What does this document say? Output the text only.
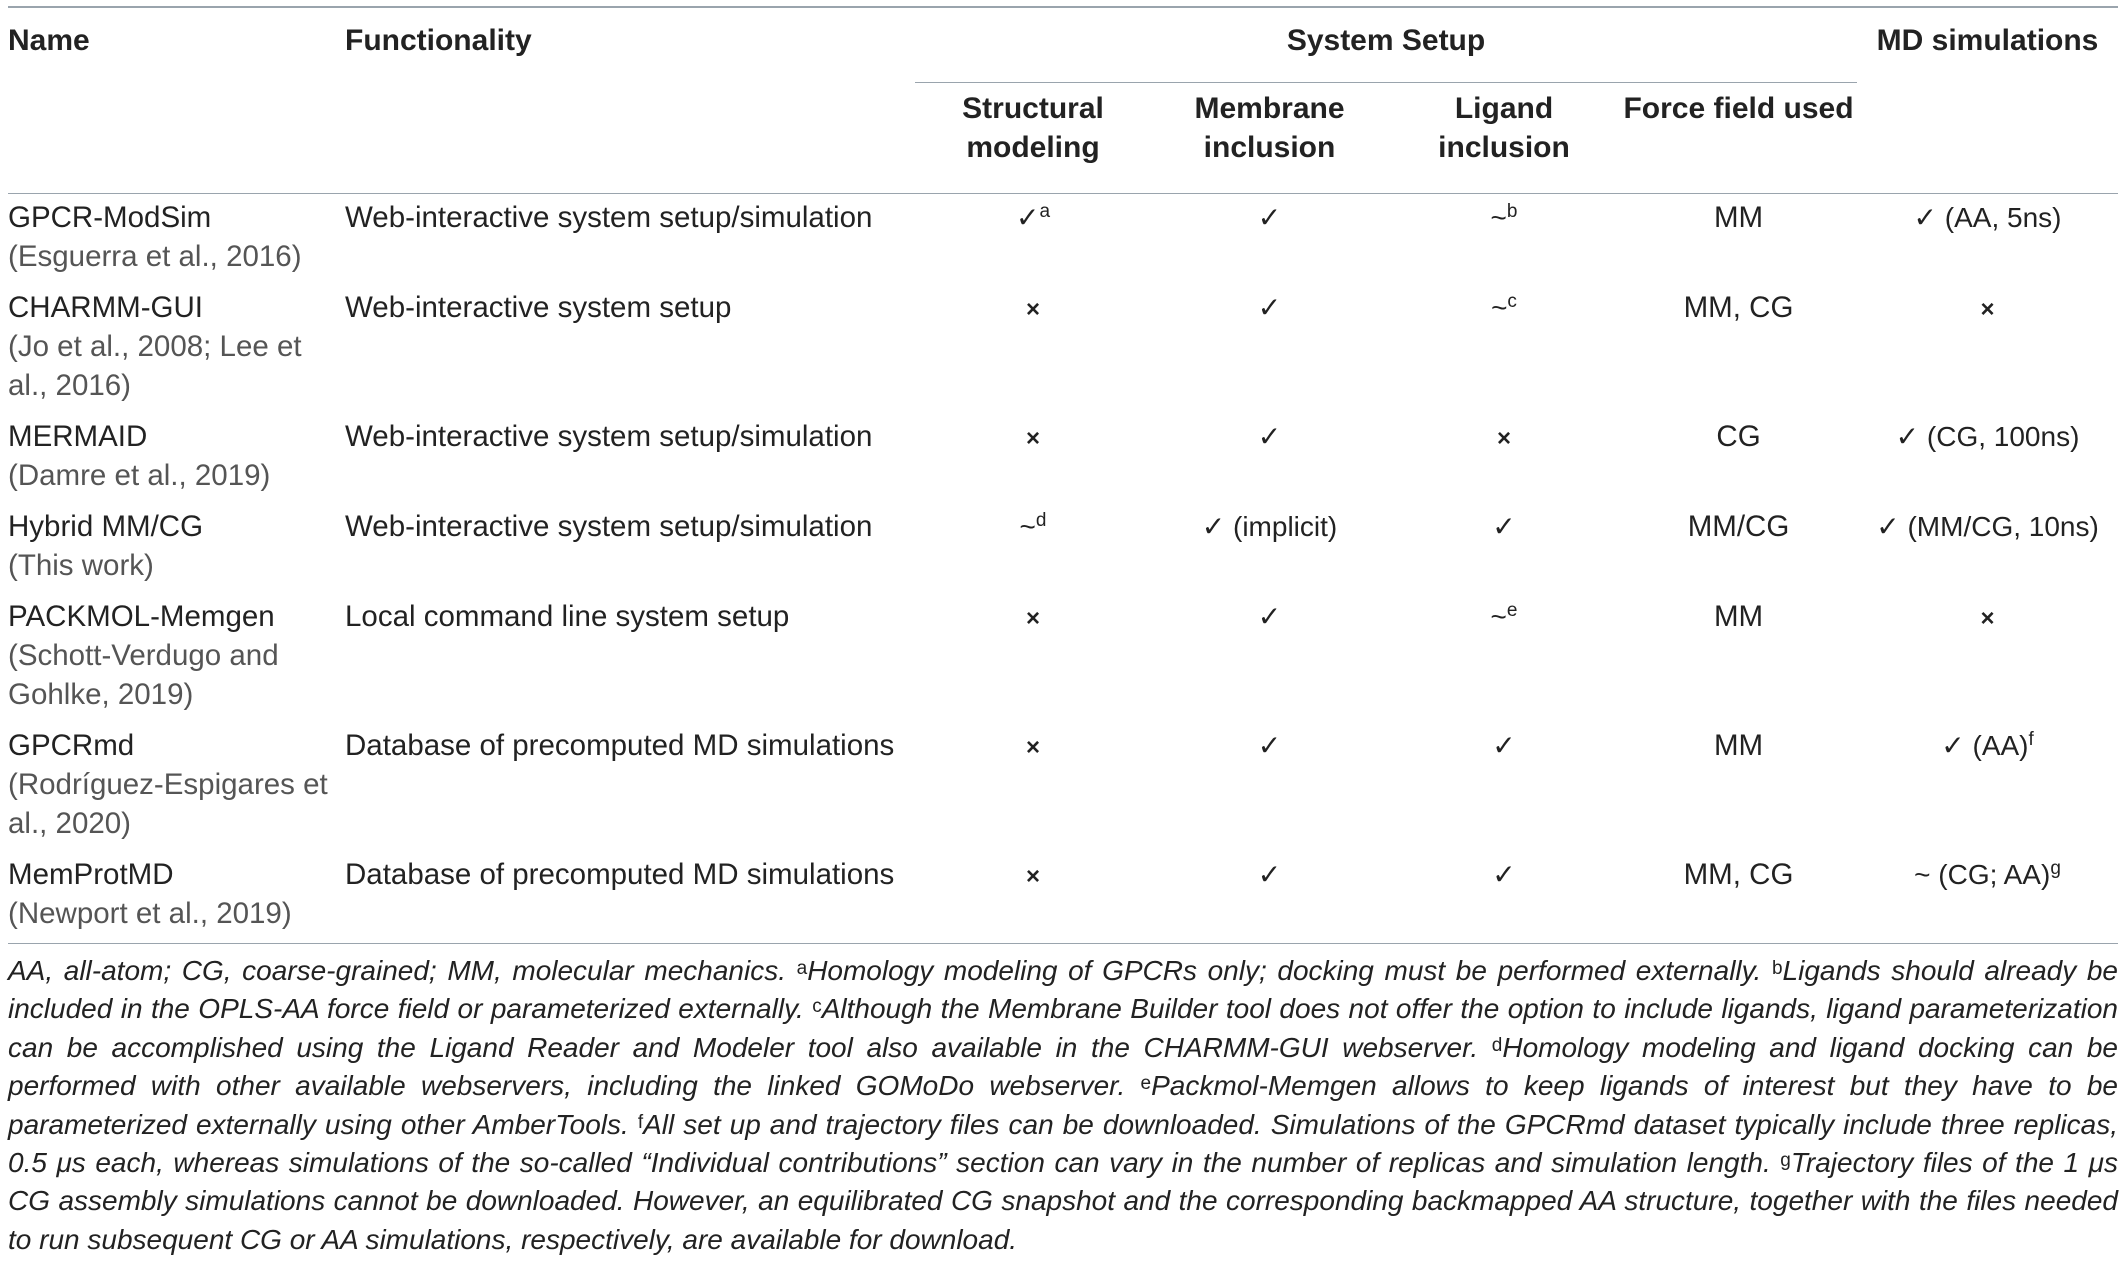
Name	Functionality	System Setup				MD simulations
		Structural modeling	Membrane inclusion	Ligand inclusion	Force field used	

GPCR-ModSim
(Esguerra et al., 2016)	Web-interactive system setup/simulation	✓$^a$	✓	~$^b$	MM	✓ (AA, 5ns)

CHARMM-GUI
(Jo et al., 2008; Lee et al., 2016)	Web-interactive system setup	×	✓	~$^c$	MM, CG	×

MERMAID
(Damre et al., 2019)	Web-interactive system setup/simulation	×	✓	×	CG	✓ (CG, 100ns)

Hybrid MM/CG
(This work)	Web-interactive system setup/simulation	~$^d$	✓ (implicit)	✓	MM/CG	✓ (MM/CG, 10ns)

PACKMOL-Memgen
(Schott-Verdugo and Gohlke, 2019)	Local command line system setup	×	✓	~$^e$	MM	×

GPCRmd
(Rodríguez-Espigares et al., 2020)	Database of precomputed MD simulations	×	✓	✓	MM	✓ (AA)$^f$

MemProtMD
(Newport et al., 2019)	Database of precomputed MD simulations	×	✓	✓	MM, CG	~ (CG; AA)$^g$
AA, all-atom; CG, coarse-grained; MM, molecular mechanics. $^a$Homology modeling of GPCRs only; docking must be performed externally. $^b$Ligands should already be included in the OPLS-AA force field or parameterized externally. $^c$Although the Membrane Builder tool does not offer the option to include ligands, ligand parameterization can be accomplished using the Ligand Reader and Modeler tool also available in the CHARMM-GUI webserver. $^d$Homology modeling and ligand docking can be performed with other available webservers, including the linked GOMoDo webserver. $^e$Packmol-Memgen allows to keep ligands of interest but they have to be parameterized externally using other AmberTools. $^f$All set up and trajectory files can be downloaded. Simulations of the GPCRmd dataset typically include three replicas, 0.5 μs each, whereas simulations of the so-called “Individual contributions” section can vary in the number of replicas and simulation length. $^g$Trajectory files of the 1 μs CG assembly simulations cannot be downloaded. However, an equilibrated CG snapshot and the corresponding backmapped AA structure, together with the files needed to run subsequent CG or AA simulations, respectively, are available for download.
